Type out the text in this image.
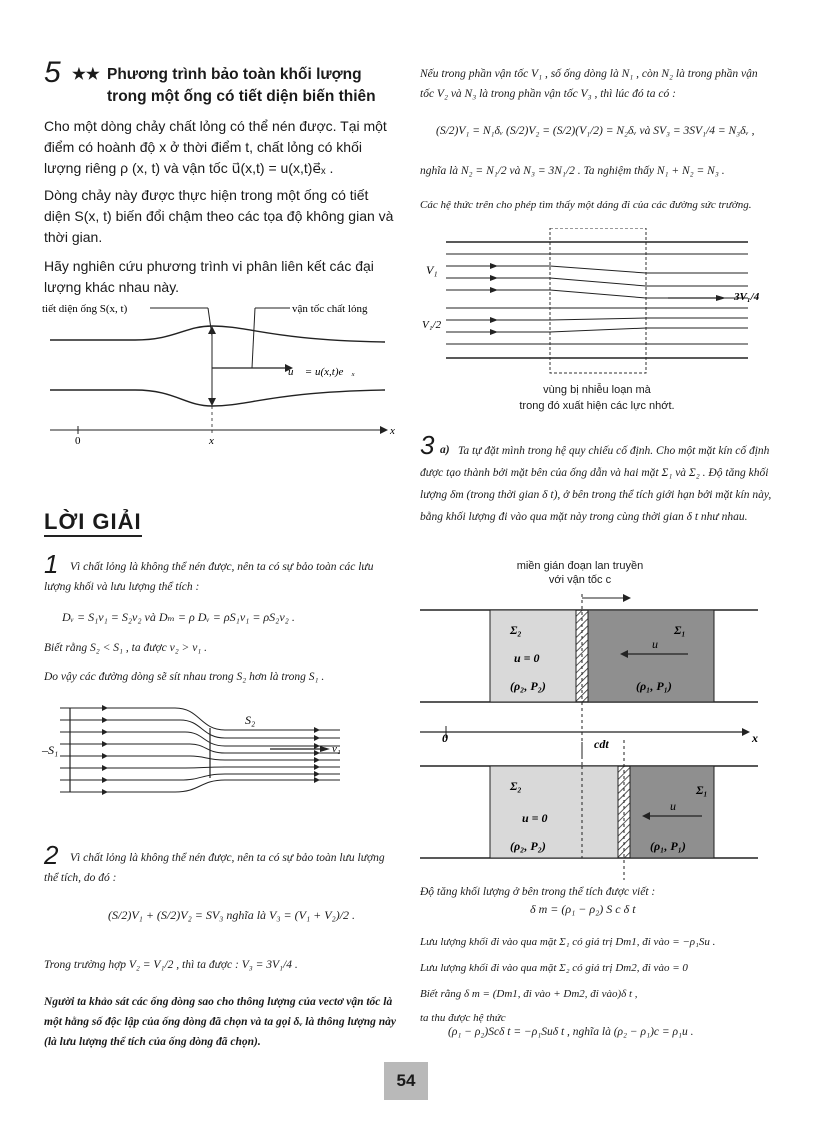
5 ★★ Phương trình bảo toàn khối lượng
trong một ống có tiết diện biến thiên
Cho một dòng chảy chất lỏng có thể nén được. Tại một điểm có hoành độ x ở thời điểm t, chất lỏng có khối lượng riêng ρ (x, t) và vận tốc u⃗(x,t) = u(x,t)e⃗ₓ .
Dòng chảy này được thực hiện trong một ống có tiết diện S(x, t) biến đổi chậm theo các tọa độ không gian và thời gian.
Hãy nghiên cứu phương trình vi phân liên kết các đại lượng khác nhau này.
tiết diện ống S(x, t)	vận tốc chất lỏng
u⃗ = u(x,t)e⃗ₓ
0	x
x
LỜI GIẢI
1	Vì chất lỏng là không thể nén được, nên ta có sự bảo toàn các lưu lượng khối và lưu lượng thể tích :
Dᵥ = S₁v₁ = S₂v₂ và Dₘ = ρ Dᵥ = ρS₁v₁ = ρS₂v₂ .
Biết rằng S₂ < S₁ , ta được v₂ > v₁ .
Do vậy các đường dòng sẽ sít nhau trong S₂ hơn là trong S₁ .
S₂
–S₁	v₁
2	Vì chất lỏng là không thể nén được, nên ta có sự bảo toàn lưu lượng thể tích, do đó :
(S/2)V₁ + (S/2)V₂ = SV₃ nghĩa là V₃ = (V₁ + V₂)/2 .
Trong trường hợp V₂ = V₁/2 , thì ta được : V₃ = 3V₁/4 .
Người ta khảo sát các ống dòng sao cho thông lượng của vectơ vận tốc là một hằng số độc lập của ống dòng đã chọn và ta gọi δᵥ là thông lượng này (là lưu lượng thể tích của ống dòng đã chọn).
Nếu trong phần vận tốc V₁ , số ống dòng là N₁ , còn N₂ là trong phần vận tốc V₂ và N₃ là trong phần vận tốc V₃ , thì lúc đó ta có :
(S/2)V₁ = N₁δᵥ (S/2)V₂ = (S/2)(V₁/2) = N₂δᵥ và SV₃ = 3SV₁/4 = N₃δᵥ ,
nghĩa là N₂ = N₁/2 và N₃ = 3N₁/2 . Ta nghiệm thấy N₁ + N₂ = N₃ .
Các hệ thức trên cho phép tìm thấy một dáng đi của các đường sức trường.
V₁
V₁/2
3V₁/4
vùng bị nhiễu loạn mà
trong đó xuất hiện các lực nhớt.
3 a) Ta tự đặt mình trong hệ quy chiếu cố định. Cho một mặt kín cố định được tạo thành bởi mặt bên của ống dẫn và hai mặt Σ₁ và Σ₂ . Độ tăng khối lượng δm (trong thời gian δ t), ở bên trong thể tích giới hạn bởi mặt kín này, bằng khối lượng đi vào qua mặt này trong cùng thời gian δ t như nhau.
miền gián đoạn lan truyền
với vận tốc c
Σ₂	Σ₁
u = 0
u
(ρ₂, P₂)	(ρ₁, P₁)
0	cdt	x
Σ₂	Σ₁
u = 0
u
(ρ₂, P₂)	(ρ₁, P₁)
Độ tăng khối lượng ở bên trong thể tích được viết :
δ m = (ρ₁ − ρ₂) S c δ t
Lưu lượng khối đi vào qua mặt Σ₁ có giá trị Dm1, đi vào = −ρ₁Su .
Lưu lượng khối đi vào qua mặt Σ₂ có giá trị Dm2, đi vào = 0
Biết rằng δ m = (Dm1, đi vào + Dm2, đi vào)δ t ,
ta thu được hệ thức
(ρ₁ − ρ₂)Scδ t = −ρ₁Suδ t , nghĩa là (ρ₂ − ρ₁)c = ρ₁u .
54
